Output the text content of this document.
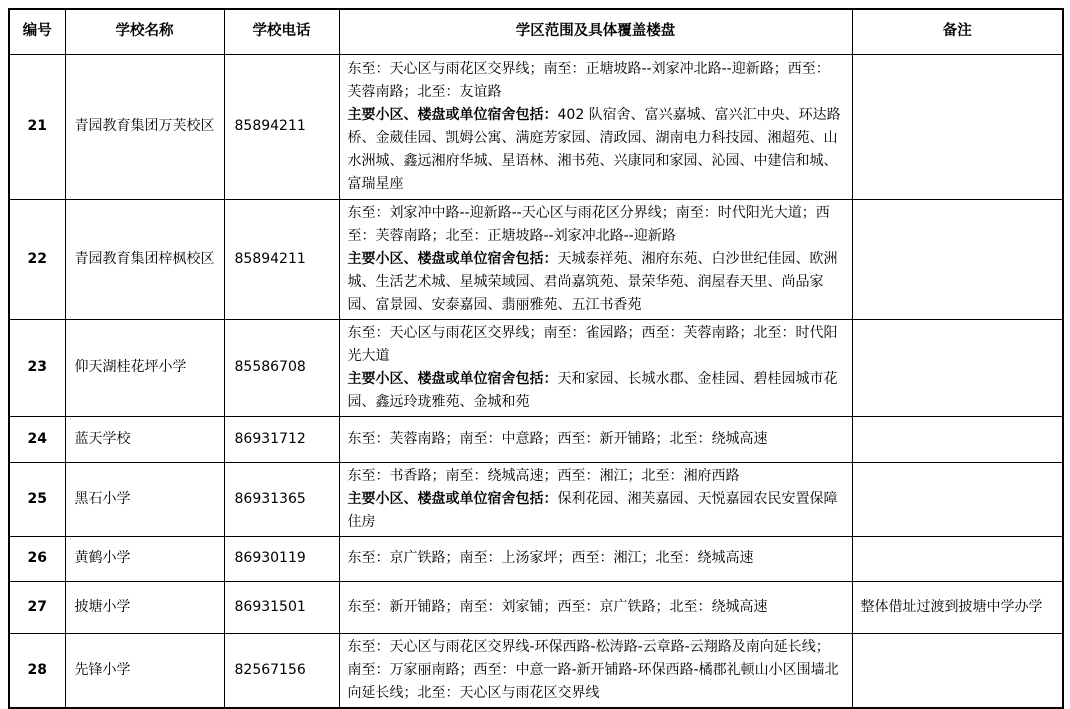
编号	学校名称	学校电话	学区范围及具体覆盖楼盘	备注
21	青园教育集团万芙校区	85894211	东至：天心区与雨花区交界线；南至：正塘坡路--刘家冲北路--迎新路；西至：芙蓉南路；北至：友谊路
主要小区、楼盘或单位宿舍包括：402 队宿舍、富兴嘉城、富兴汇中央、环达路桥、金葳佳园、凯姆公寓、满庭芳家园、清政园、湖南电力科技园、湘超苑、山水洲城、鑫远湘府华城、星语林、湘书苑、兴康同和家园、沁园、中建信和城、富瑞星座	

22	青园教育集团梓枫校区	85894211	东至：刘家冲中路--迎新路--天心区与雨花区分界线；南至：时代阳光大道；西至：芙蓉南路；北至：正塘坡路--刘家冲北路--迎新路
主要小区、楼盘或单位宿舍包括：天城泰祥苑、湘府东苑、白沙世纪佳园、欧洲城、生活艺术城、星城荣域园、君尚嘉筑苑、景荣华苑、润屋春天里、尚品家园、富景园、安泰嘉园、翡丽雅苑、五江书香苑	

23	仰天湖桂花坪小学	85586708	东至：天心区与雨花区交界线；南至：雀园路；西至：芙蓉南路；北至：时代阳光大道
主要小区、楼盘或单位宿舍包括：天和家园、长城水郡、金桂园、碧桂园城市花园、鑫远玲珑雅苑、金城和苑	

24	蓝天学校	86931712	东至：芙蓉南路；南至：中意路；西至：新开铺路；北至：绕城高速	

25	黑石小学	86931365	东至：书香路；南至：绕城高速；西至：湘江；北至：湘府西路
主要小区、楼盘或单位宿舍包括：保利花园、湘芙嘉园、天悦嘉园农民安置保障住房	

26	黄鹤小学	86930119	东至：京广铁路；南至：上汤家坪；西至：湘江；北至：绕城高速	

27	披塘小学	86931501	东至：新开铺路；南至：刘家铺；西至：京广铁路；北至：绕城高速	整体借址过渡到披塘中学办学
28	先锋小学	82567156	东至：天心区与雨花区交界线-环保西路-松涛路-云章路-云翔路及南向延长线；南至：万家丽南路；西至：中意一路-新开铺路-环保西路-橘郡礼顿山小区围墙北向延长线；北至：天心区与雨花区交界线	
